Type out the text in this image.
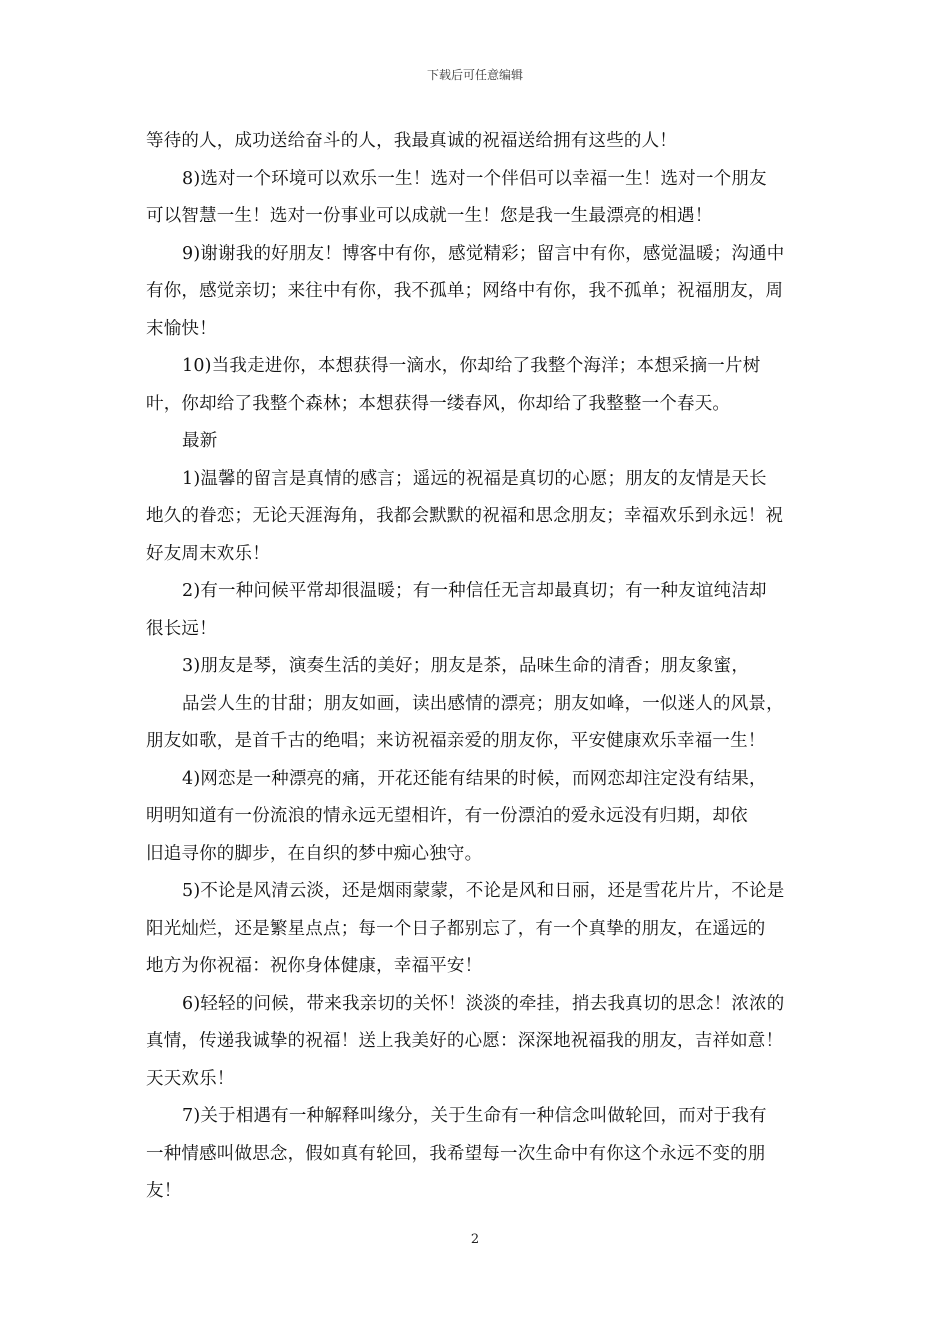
下载后可任意编辑
等待的人，成功送给奋斗的人，我最真诚的祝福送给拥有这些的人！
8)选对一个环境可以欢乐一生！选对一个伴侣可以幸福一生！选对一个朋友
可以智慧一生！选对一份事业可以成就一生！您是我一生最漂亮的相遇！
9)谢谢我的好朋友！博客中有你，感觉精彩；留言中有你，感觉温暖；沟通中
有你，感觉亲切；来往中有你，我不孤单；网络中有你，我不孤单；祝福朋友，周
末愉快！
10)当我走进你，本想获得一滴水，你却给了我整个海洋；本想采摘一片树
叶，你却给了我整个森林；本想获得一缕春风，你却给了我整整一个春天。
最新
1)温馨的留言是真情的感言；遥远的祝福是真切的心愿；朋友的友情是天长
地久的眷恋；无论天涯海角，我都会默默的祝福和思念朋友；幸福欢乐到永远！祝
好友周末欢乐！
2)有一种问候平常却很温暖；有一种信任无言却最真切；有一种友谊纯洁却
很长远！
3)朋友是琴，演奏生活的美好；朋友是茶，品味生命的清香；朋友象蜜，
品尝人生的甘甜；朋友如画，读出感情的漂亮；朋友如峰，一似迷人的风景，
朋友如歌，是首千古的绝唱；来访祝福亲爱的朋友你，平安健康欢乐幸福一生！
4)网恋是一种漂亮的痛，开花还能有结果的时候，而网恋却注定没有结果，
明明知道有一份流浪的情永远无望相许，有一份漂泊的爱永远没有归期，却依
旧追寻你的脚步，在自织的梦中痴心独守。
5)不论是风清云淡，还是烟雨蒙蒙，不论是风和日丽，还是雪花片片，不论是
阳光灿烂，还是繁星点点；每一个日子都别忘了，有一个真挚的朋友，在遥远的
地方为你祝福：祝你身体健康，幸福平安！
6)轻轻的问候，带来我亲切的关怀！淡淡的牵挂，捎去我真切的思念！浓浓的
真情，传递我诚挚的祝福！送上我美好的心愿：深深地祝福我的朋友，吉祥如意！
天天欢乐！
7)关于相遇有一种解释叫缘分，关于生命有一种信念叫做轮回，而对于我有
一种情感叫做思念，假如真有轮回，我希望每一次生命中有你这个永远不变的朋
友！
2
